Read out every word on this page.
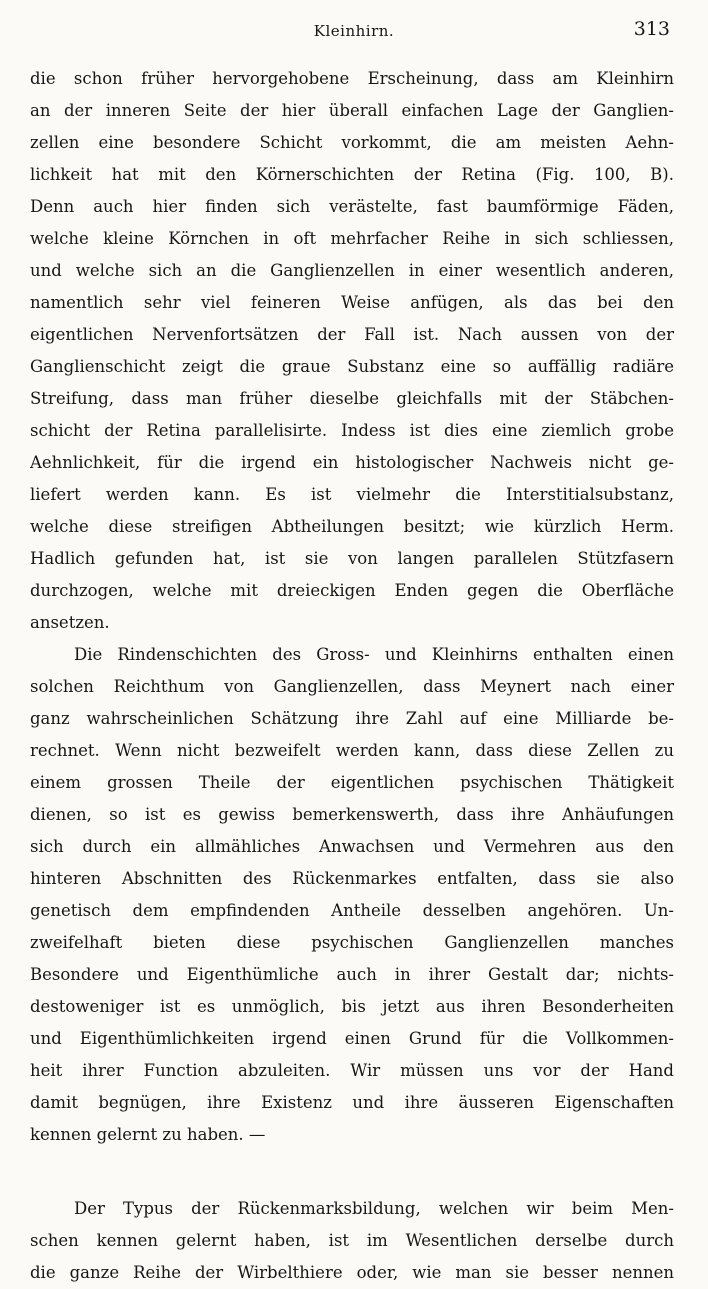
Kleinhirn.	313
die schon früher hervorgehobene Erscheinung, dass am Kleinhirn
an der inneren Seite der hier überall einfachen Lage der Ganglien-
zellen eine besondere Schicht vorkommt, die am meisten Aehn-
lichkeit hat mit den Körnerschichten der Retina (Fig. 100, B).
Denn auch hier finden sich verästelte, fast baumförmige Fäden,
welche kleine Körnchen in oft mehrfacher Reihe in sich schliessen,
und welche sich an die Ganglienzellen in einer wesentlich anderen,
namentlich sehr viel feineren Weise anfügen, als das bei den
eigentlichen Nervenfortsätzen der Fall ist. Nach aussen von der
Ganglienschicht zeigt die graue Substanz eine so auffällig radiäre
Streifung, dass man früher dieselbe gleichfalls mit der Stäbchen-
schicht der Retina parallelisirte. Indess ist dies eine ziemlich grobe
Aehnlichkeit, für die irgend ein histologischer Nachweis nicht ge-
liefert werden kann. Es ist vielmehr die Interstitialsubstanz,
welche diese streifigen Abtheilungen besitzt; wie kürzlich Herm.
Hadlich gefunden hat, ist sie von langen parallelen Stützfasern
durchzogen, welche mit dreieckigen Enden gegen die Oberfläche
ansetzen.
Die Rindenschichten des Gross- und Kleinhirns enthalten einen
solchen Reichthum von Ganglienzellen, dass Meynert nach einer
ganz wahrscheinlichen Schätzung ihre Zahl auf eine Milliarde be-
rechnet. Wenn nicht bezweifelt werden kann, dass diese Zellen zu
einem grossen Theile der eigentlichen psychischen Thätigkeit
dienen, so ist es gewiss bemerkenswerth, dass ihre Anhäufungen
sich durch ein allmähliches Anwachsen und Vermehren aus den
hinteren Abschnitten des Rückenmarkes entfalten, dass sie also
genetisch dem empfindenden Antheile desselben angehören. Un-
zweifelhaft bieten diese psychischen Ganglienzellen manches
Besondere und Eigenthümliche auch in ihrer Gestalt dar; nichts-
destoweniger ist es unmöglich, bis jetzt aus ihren Besonderheiten
und Eigenthümlichkeiten irgend einen Grund für die Vollkommen-
heit ihrer Function abzuleiten. Wir müssen uns vor der Hand
damit begnügen, ihre Existenz und ihre äusseren Eigenschaften
kennen gelernt zu haben. —
Der Typus der Rückenmarksbildung, welchen wir beim Men-
schen kennen gelernt haben, ist im Wesentlichen derselbe durch
die ganze Reihe der Wirbelthiere oder, wie man sie besser nennen
